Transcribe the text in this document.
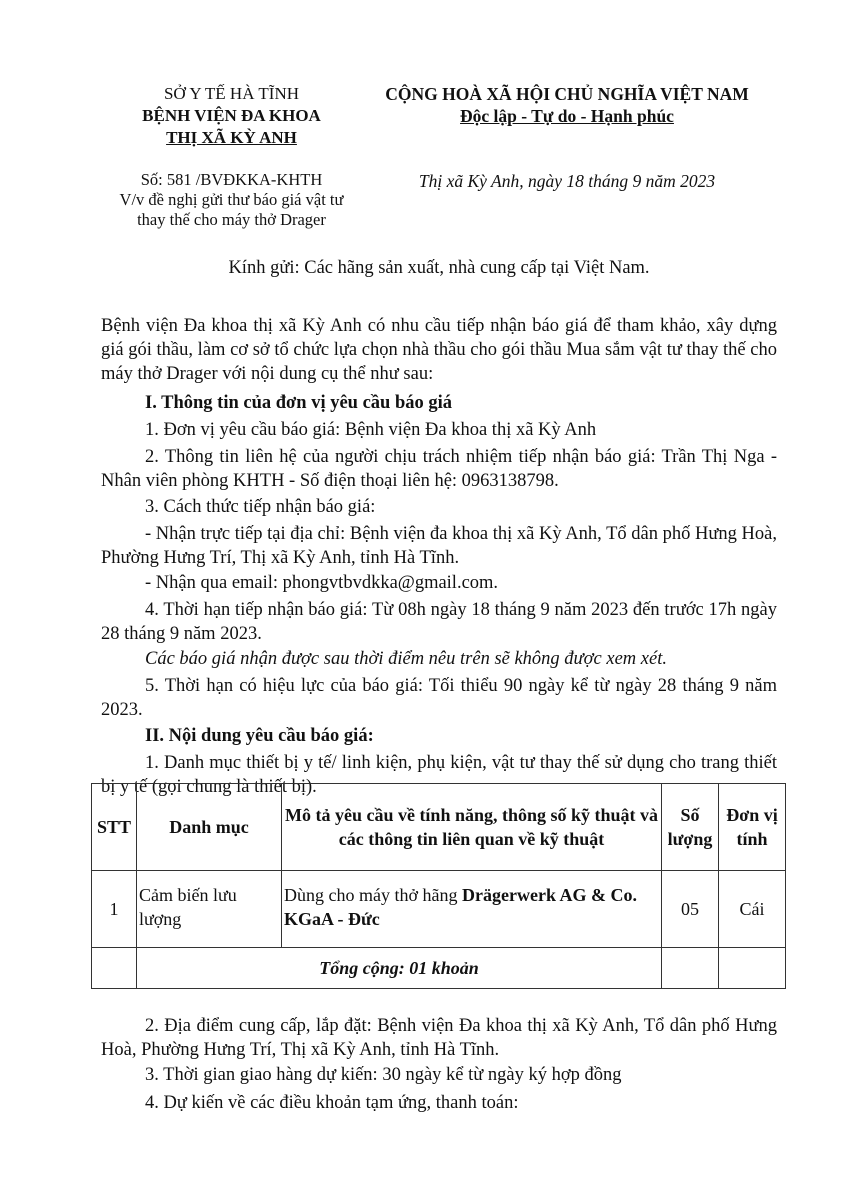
SỞ Y TẾ HÀ TĨNH

BỆNH VIỆN ĐA KHOA

THỊ XÃ KỲ ANH

Số: 581 /BVĐKKA-KHTH

V/v đề nghị gửi thư báo giá vật tư

thay thế cho máy thở Drager

CỘNG HOÀ XÃ HỘI CHỦ NGHĨA VIỆT NAM

Độc lập - Tự do - Hạnh phúc

Thị xã Kỳ Anh, ngày 18 tháng 9 năm 2023

Kính gửi: Các hãng sản xuất, nhà cung cấp tại Việt Nam.

Bệnh viện Đa khoa thị xã Kỳ Anh có nhu cầu tiếp nhận báo giá để tham khảo, xây dựng giá gói thầu, làm cơ sở tổ chức lựa chọn nhà thầu cho gói thầu Mua sắm vật tư thay thế cho máy thở Drager với nội dung cụ thể như sau:

I. Thông tin của đơn vị yêu cầu báo giá

1. Đơn vị yêu cầu báo giá: Bệnh viện Đa khoa thị xã Kỳ Anh

2. Thông tin liên hệ của người chịu trách nhiệm tiếp nhận báo giá: Trần Thị Nga - Nhân viên phòng KHTH - Số điện thoại liên hệ: 0963138798.

3. Cách thức tiếp nhận báo giá:

- Nhận trực tiếp tại địa chỉ: Bệnh viện đa khoa thị xã Kỳ Anh, Tổ dân phố Hưng Hoà, Phường Hưng Trí, Thị xã Kỳ Anh, tỉnh Hà Tĩnh.

- Nhận qua email: phongvtbvdkka@gmail.com.

4. Thời hạn tiếp nhận báo giá: Từ 08h ngày 18 tháng 9 năm 2023 đến trước 17h ngày 28 tháng 9 năm 2023.

Các báo giá nhận được sau thời điểm nêu trên sẽ không được xem xét.

5. Thời hạn có hiệu lực của báo giá: Tối thiểu 90 ngày kể từ ngày 28 tháng 9 năm 2023.

II. Nội dung yêu cầu báo giá:

1. Danh mục thiết bị y tế/ linh kiện, phụ kiện, vật tư thay thế sử dụng cho trang thiết bị y tế (gọi chung là thiết bị).

STT	Danh mục	Mô tả yêu cầu về tính năng, thông số kỹ thuật và các thông tin liên quan về kỹ thuật	Số lượng	Đơn vị tính
1	Cảm biến lưu lượng	Dùng cho máy thở hãng Drägerwerk AG & Co. KGaA - Đức	05	Cái
	Tổng cộng: 01 khoản			

2. Địa điểm cung cấp, lắp đặt: Bệnh viện Đa khoa thị xã Kỳ Anh, Tổ dân phố Hưng Hoà, Phường Hưng Trí, Thị xã Kỳ Anh, tỉnh Hà Tĩnh.

3. Thời gian giao hàng dự kiến: 30 ngày kể từ ngày ký hợp đồng

4. Dự kiến về các điều khoản tạm ứng, thanh toán:
